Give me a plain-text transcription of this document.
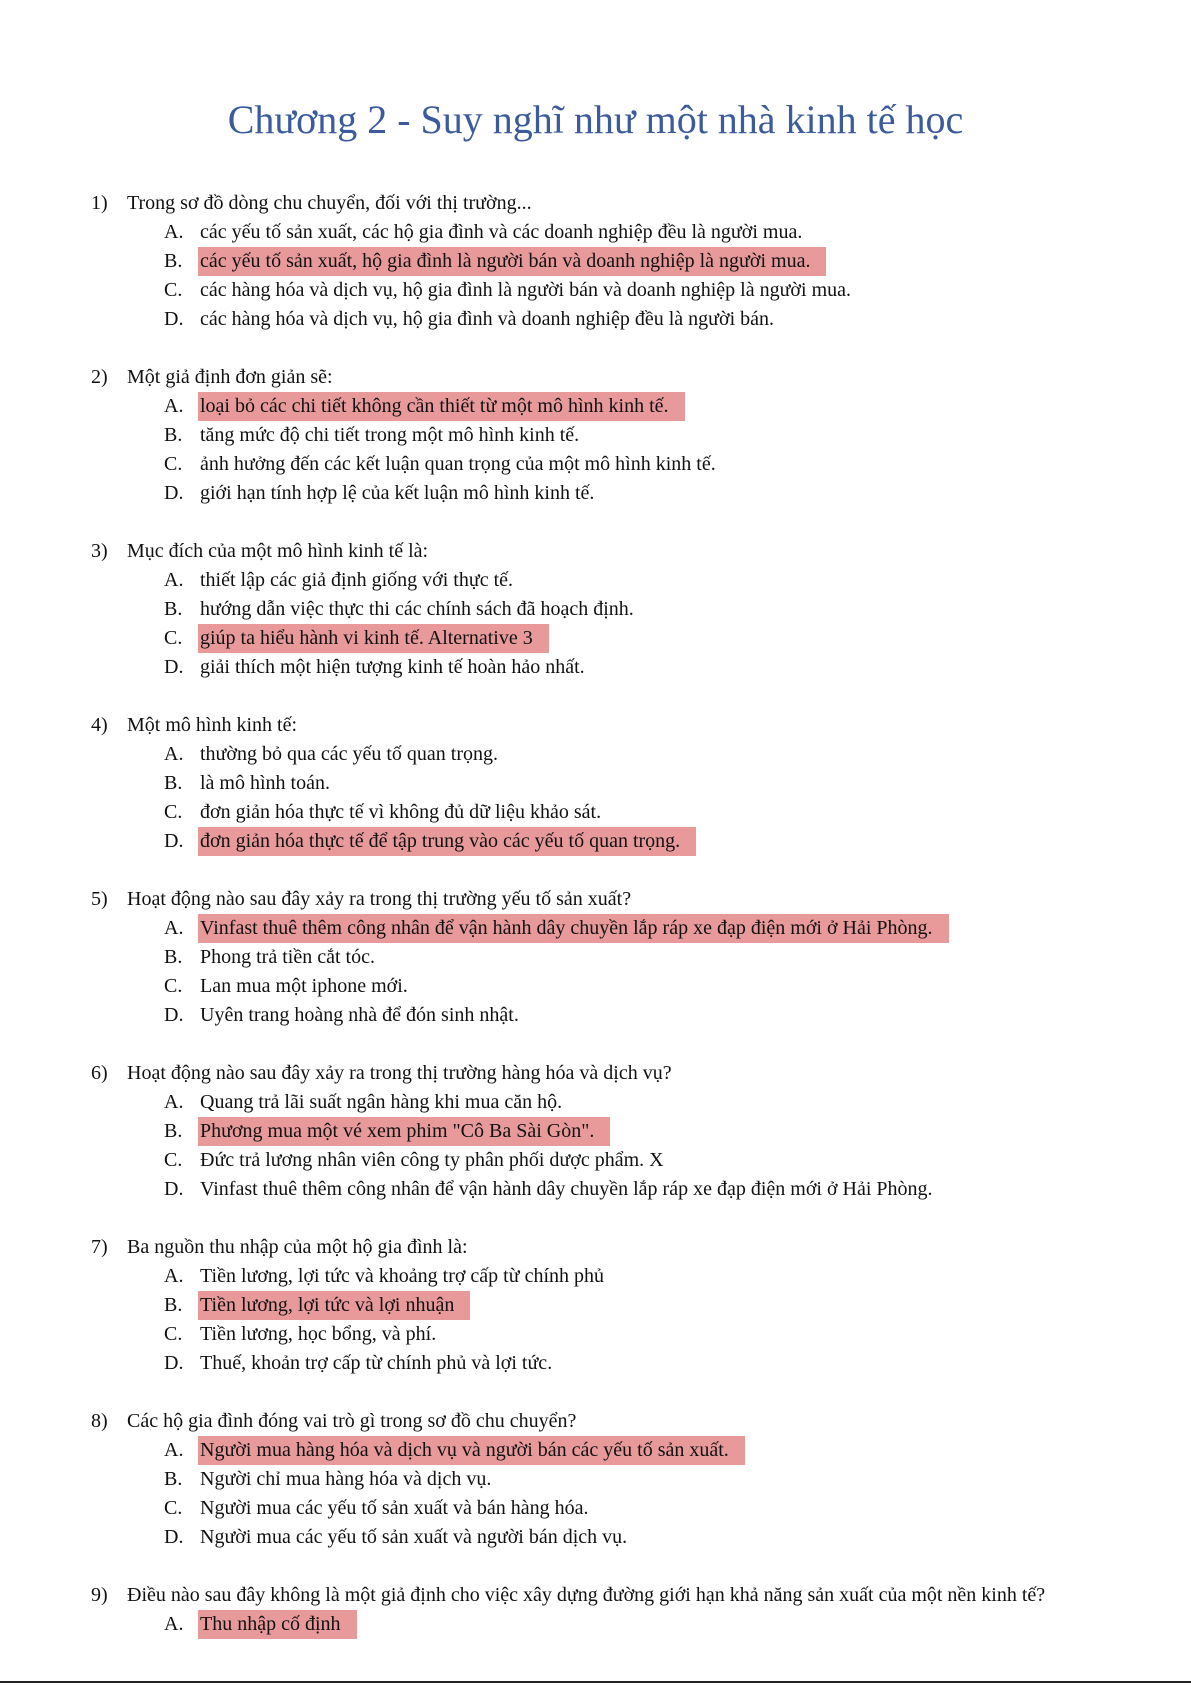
Chương 2 - Suy nghĩ như một nhà kinh tế học
1) Trong sơ đồ dòng chu chuyển, đối với thị trường...
A. các yếu tố sản xuất, các hộ gia đình và các doanh nghiệp đều là người mua.
B. các yếu tố sản xuất, hộ gia đình là người bán và doanh nghiệp là người mua.
C. các hàng hóa và dịch vụ, hộ gia đình là người bán và doanh nghiệp là người mua.
D. các hàng hóa và dịch vụ, hộ gia đình và doanh nghiệp đều là người bán.
2) Một giả định đơn giản sẽ:
A. loại bỏ các chi tiết không cần thiết từ một mô hình kinh tế.
B. tăng mức độ chi tiết trong một mô hình kinh tế.
C. ảnh hưởng đến các kết luận quan trọng của một mô hình kinh tế.
D. giới hạn tính hợp lệ của kết luận mô hình kinh tế.
3) Mục đích của một mô hình kinh tế là:
A. thiết lập các giả định giống với thực tế.
B. hướng dẫn việc thực thi các chính sách đã hoạch định.
C. giúp ta hiểu hành vi kinh tế. Alternative 3
D. giải thích một hiện tượng kinh tế hoàn hảo nhất.
4) Một mô hình kinh tế:
A. thường bỏ qua các yếu tố quan trọng.
B. là mô hình toán.
C. đơn giản hóa thực tế vì không đủ dữ liệu khảo sát.
D. đơn giản hóa thực tế để tập trung vào các yếu tố quan trọng.
5) Hoạt động nào sau đây xảy ra trong thị trường yếu tố sản xuất?
A. Vinfast thuê thêm công nhân để vận hành dây chuyền lắp ráp xe đạp điện mới ở Hải Phòng.
B. Phong trả tiền cắt tóc.
C. Lan mua một iphone mới.
D. Uyên trang hoàng nhà để đón sinh nhật.
6) Hoạt động nào sau đây xảy ra trong thị trường hàng hóa và dịch vụ?
A. Quang trả lãi suất ngân hàng khi mua căn hộ.
B. Phương mua một vé xem phim "Cô Ba Sài Gòn".
C. Đức trả lương nhân viên công ty phân phối dược phẩm. X
D. Vinfast thuê thêm công nhân để vận hành dây chuyền lắp ráp xe đạp điện mới ở Hải Phòng.
7) Ba nguồn thu nhập của một hộ gia đình là:
A. Tiền lương, lợi tức và khoảng trợ cấp từ chính phủ
B. Tiền lương, lợi tức và lợi nhuận
C. Tiền lương, học bổng, và phí.
D. Thuế, khoản trợ cấp từ chính phủ và lợi tức.
8) Các hộ gia đình đóng vai trò gì trong sơ đồ chu chuyển?
A. Người mua hàng hóa và dịch vụ và người bán các yếu tố sản xuất.
B. Người chỉ mua hàng hóa và dịch vụ.
C. Người mua các yếu tố sản xuất và bán hàng hóa.
D. Người mua các yếu tố sản xuất và người bán dịch vụ.
9) Điều nào sau đây không là một giả định cho việc xây dựng đường giới hạn khả năng sản xuất của một nền kinh tế?
A. Thu nhập cố định
